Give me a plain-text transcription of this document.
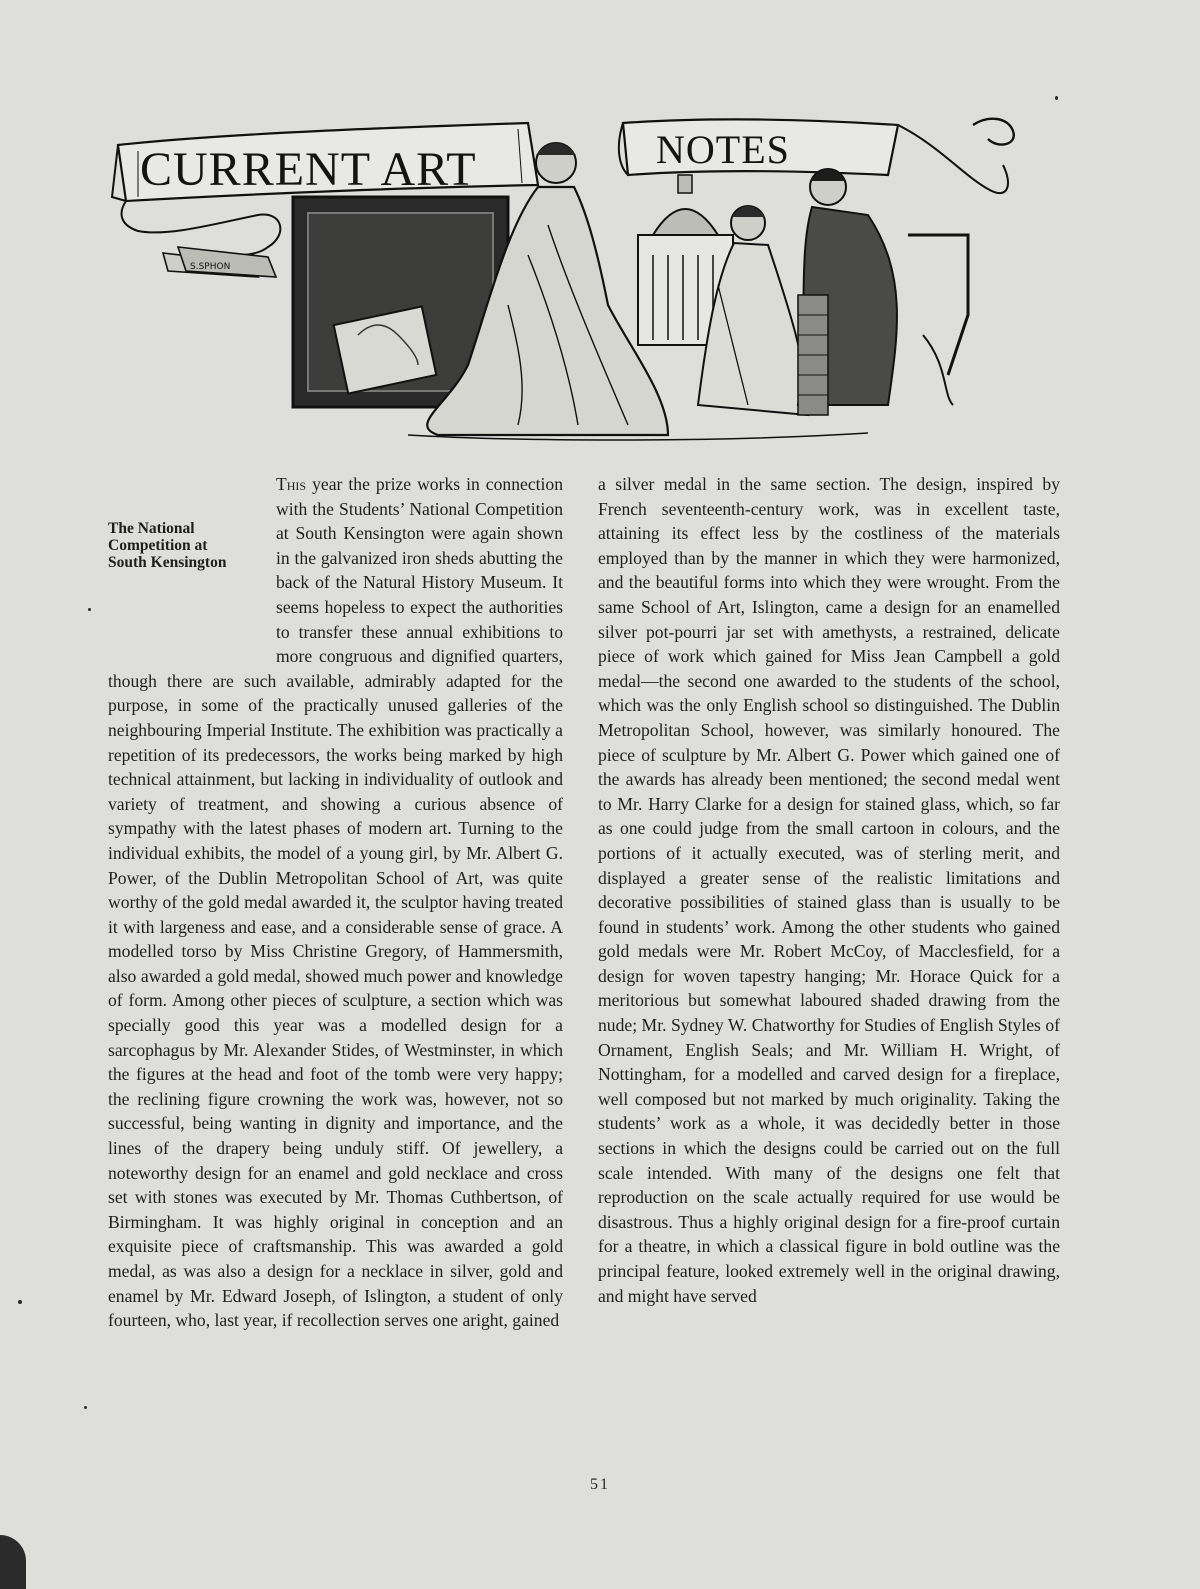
CURRENT ART	NOTES
S.SPHON

This
The National
Competition at
South Kensington
year the prize works in connection with the Students’ National Competition at South Kensington were again shown in the galvanized iron sheds abutting the back of the Natural History Museum. It seems hopeless to expect the authorities to transfer these annual exhibitions to more congruous and dignified quarters, though there are such available, admirably adapted for the purpose, in some of the practically unused galleries of the neighbouring Imperial Institute. The exhibition was practically a repetition of its predecessors, the works being marked by high technical attainment, but lacking in individuality of outlook and variety of treatment, and showing a curious absence of sympathy with the latest phases of modern art. Turning to the individual exhibits, the model of a young girl, by Mr. Albert G. Power, of the Dublin Metropolitan School of Art, was quite worthy of the gold medal awarded it, the sculptor having treated it with largeness and ease, and a considerable sense of grace. A modelled torso by Miss Christine Gregory, of Hammersmith, also awarded a gold medal, showed much power and knowledge of form. Among other pieces of sculpture, a section which was specially good this year was a modelled design for a sarcophagus by Mr. Alexander Stides, of Westminster, in which the figures at the head and foot of the tomb were very happy; the reclining figure crowning the work was, however, not so successful, being wanting in dignity and importance, and the lines of the drapery being unduly stiff. Of jewellery, a noteworthy design for an enamel and gold necklace and cross set with stones was executed by Mr. Thomas Cuthbertson, of Birmingham. It was highly original in conception and an exquisite piece of craftsmanship. This was awarded a gold medal, as was also a design for a necklace in silver, gold and enamel by Mr. Edward Joseph, of Islington, a student of only fourteen, who, last year, if recollection serves one aright, gained

a silver medal in the same section. The design, inspired by French seventeenth-century work, was in excellent taste, attaining its effect less by the costliness of the materials employed than by the manner in which they were harmonized, and the beautiful forms into which they were wrought. From the same School of Art, Islington, came a design for an enamelled silver pot-pourri jar set with amethysts, a restrained, delicate piece of work which gained for Miss Jean Campbell a gold medal—the second one awarded to the students of the school, which was the only English school so distinguished. The Dublin Metropolitan School, however, was similarly honoured. The piece of sculpture by Mr. Albert G. Power which gained one of the awards has already been mentioned; the second medal went to Mr. Harry Clarke for a design for stained glass, which, so far as one could judge from the small cartoon in colours, and the portions of it actually executed, was of sterling merit, and displayed a greater sense of the realistic limitations and decorative possibilities of stained glass than is usually to be found in students’ work. Among the other students who gained gold medals were Mr. Robert McCoy, of Macclesfield, for a design for woven tapestry hanging; Mr. Horace Quick for a meritorious but somewhat laboured shaded drawing from the nude; Mr. Sydney W. Chatworthy for Studies of English Styles of Ornament, English Seals; and Mr. William H. Wright, of Nottingham, for a modelled and carved design for a fireplace, well composed but not marked by much originality. Taking the students’ work as a whole, it was decidedly better in those sections in which the designs could be carried out on the full scale intended. With many of the designs one felt that reproduction on the scale actually required for use would be disastrous. Thus a highly original design for a fire-proof curtain for a theatre, in which a classical figure in bold outline was the principal feature, looked extremely well in the original drawing, and might have served

51
